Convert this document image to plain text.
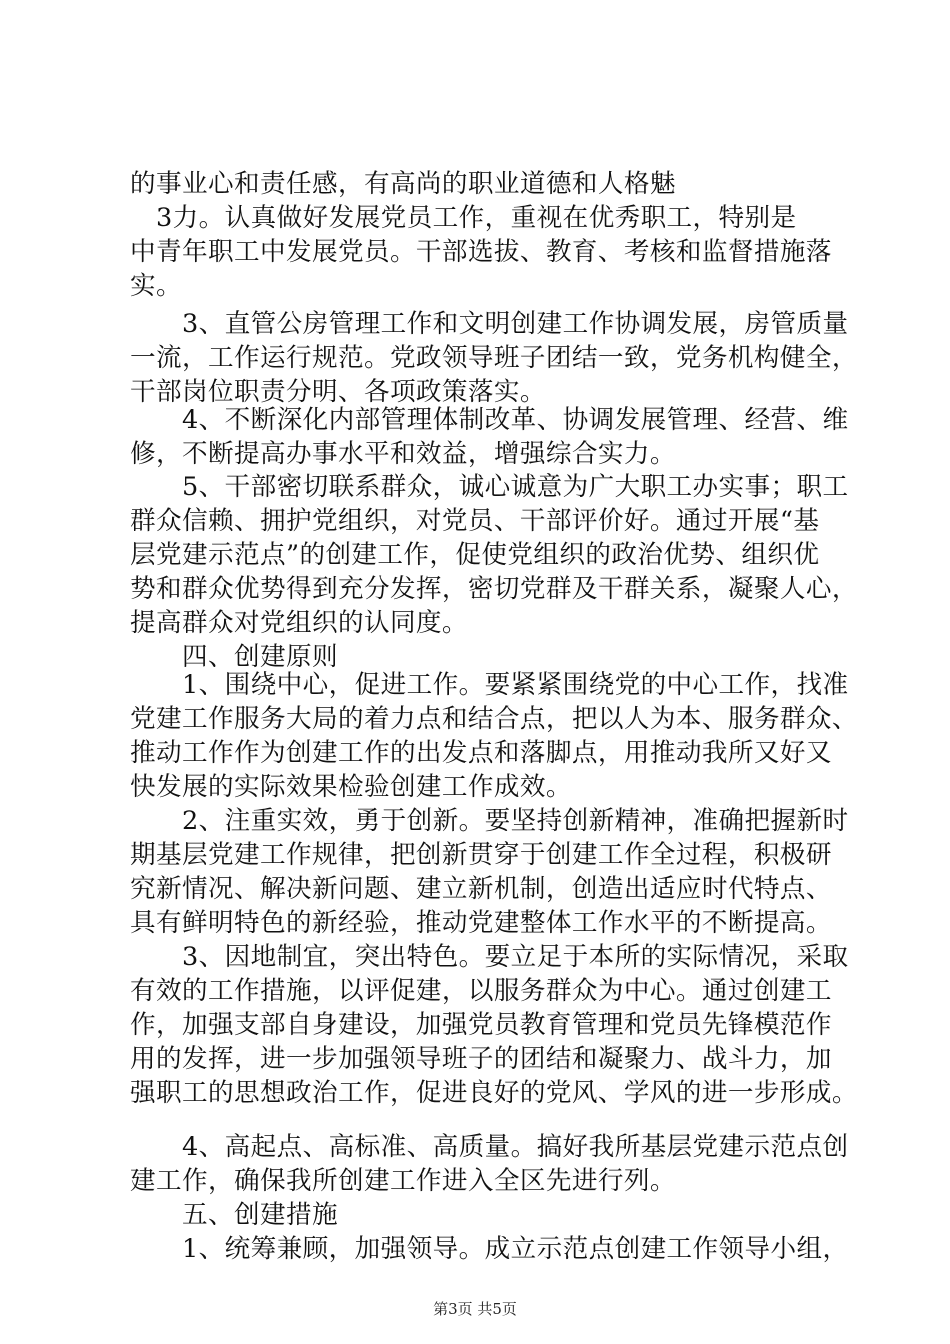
的事业心和责任感，有高尚的职业道德和人格魅
　3力。认真做好发展党员工作，重视在优秀职工，特别是
中青年职工中发展党员。干部选拔、教育、考核和监督措施落
实。
　　3、直管公房管理工作和文明创建工作协调发展，房管质量
一流，工作运行规范。党政领导班子团结一致，党务机构健全，
干部岗位职责分明、各项政策落实。
　　4、不断深化内部管理体制改革、协调发展管理、经营、维
修，不断提高办事水平和效益，增强综合实力。
　　5、干部密切联系群众，诚心诚意为广大职工办实事；职工
群众信赖、拥护党组织，对党员、干部评价好。通过开展“基
层党建示范点”的创建工作，促使党组织的政治优势、组织优
势和群众优势得到充分发挥，密切党群及干群关系，凝聚人心，
提高群众对党组织的认同度。
　　四、创建原则
　　1、围绕中心，促进工作。要紧紧围绕党的中心工作，找准
党建工作服务大局的着力点和结合点，把以人为本、服务群众、
推动工作作为创建工作的出发点和落脚点，用推动我所又好又
快发展的实际效果检验创建工作成效。
　　2、注重实效，勇于创新。要坚持创新精神，准确把握新时
期基层党建工作规律，把创新贯穿于创建工作全过程，积极研
究新情况、解决新问题、建立新机制，创造出适应时代特点、
具有鲜明特色的新经验，推动党建整体工作水平的不断提高。
　　3、因地制宜，突出特色。要立足于本所的实际情况，采取
有效的工作措施，以评促建，以服务群众为中心。通过创建工
作，加强支部自身建设，加强党员教育管理和党员先锋模范作
用的发挥，进一步加强领导班子的团结和凝聚力、战斗力，加
强职工的思想政治工作，促进良好的党风、学风的进一步形成。
　　4、高起点、高标准、高质量。搞好我所基层党建示范点创
建工作，确保我所创建工作进入全区先进行列。
　　五、创建措施
　　1、统筹兼顾，加强领导。成立示范点创建工作领导小组，
第3页 共5页
